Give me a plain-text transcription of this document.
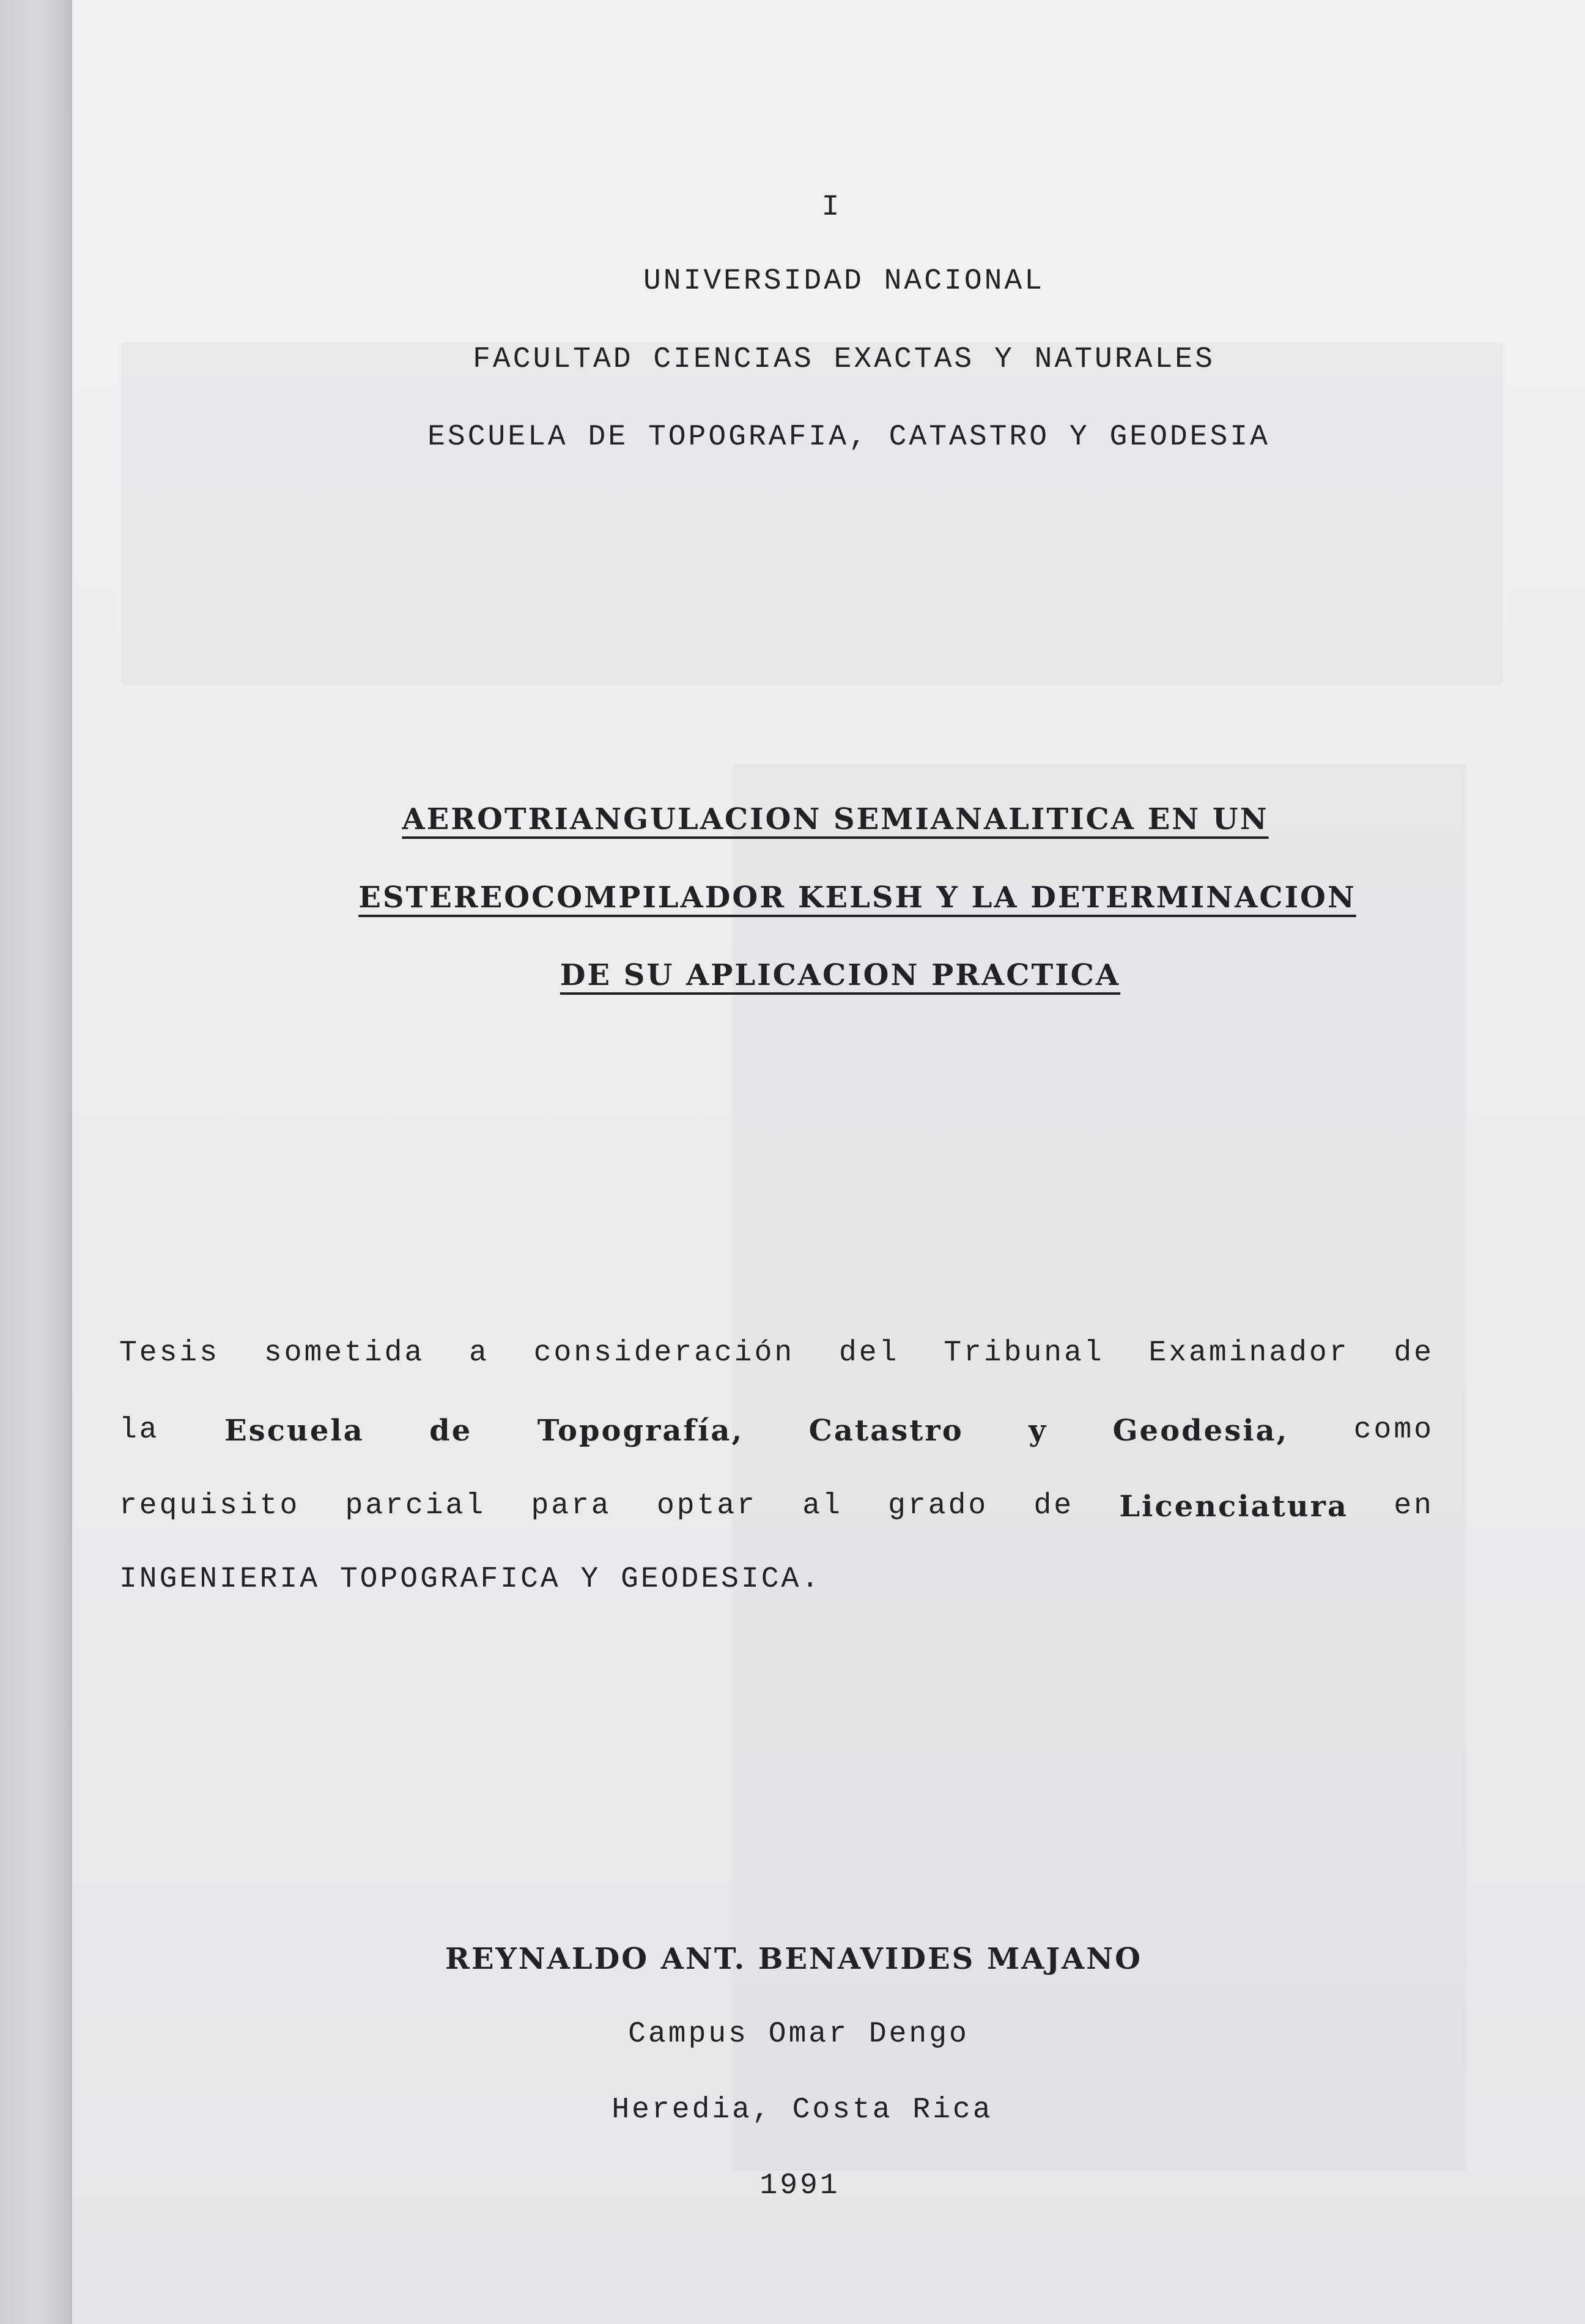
I
UNIVERSIDAD NACIONAL
FACULTAD CIENCIAS EXACTAS Y NATURALES
ESCUELA DE TOPOGRAFIA, CATASTRO Y GEODESIA
AEROTRIANGULACION SEMIANALITICA EN UN
ESTEREOCOMPILADOR KELSH Y LA DETERMINACION
DE SU APLICACION PRACTICA
Tesis sometida a consideración del Tribunal Examinador de
la Escuela de Topografía, Catastro y Geodesia, como
requisito parcial para optar al grado de Licenciatura en
INGENIERIA TOPOGRAFICA Y GEODESICA.
REYNALDO ANT. BENAVIDES MAJANO
Campus Omar Dengo
Heredia, Costa Rica
1991
